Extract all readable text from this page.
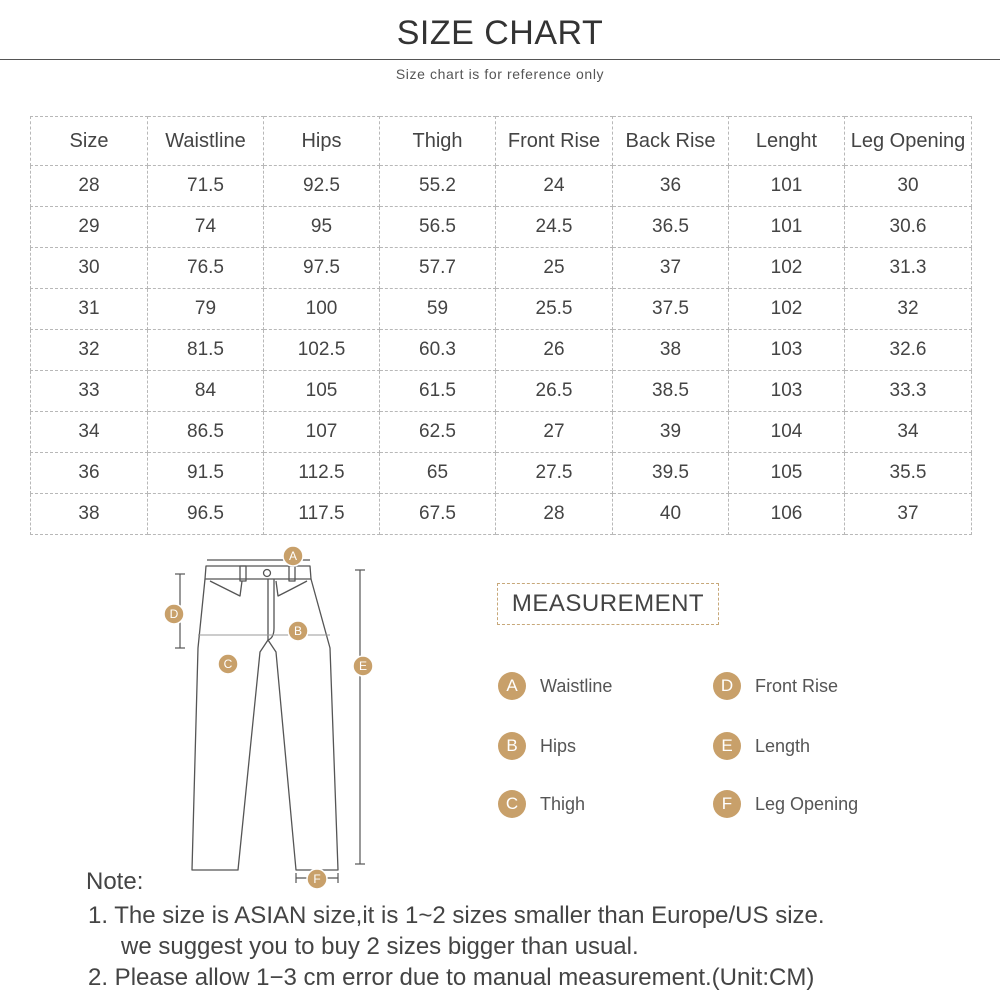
SIZE CHART
Size chart is for reference only
Size	Waistline	Hips	Thigh	Front Rise	Back Rise	Lenght	Leg Opening
28	71.5	92.5	55.2	24	36	101	30
29	74	95	56.5	24.5	36.5	101	30.6
30	76.5	97.5	57.7	25	37	102	31.3
31	79	100	59	25.5	37.5	102	32
32	81.5	102.5	60.3	26	38	103	32.6
33	84	105	61.5	26.5	38.5	103	33.3
34	86.5	107	62.5	27	39	104	34
36	91.5	112.5	65	27.5	39.5	105	35.5
38	96.5	117.5	67.5	28	40	106	37
A
B
C
D
E
F
MEASUREMENT
A	Waistline
B	Hips
C	Thigh
D	Front Rise
E	Length
F	Leg Opening
Note:
1. The size is ASIAN size,it is 1~2 sizes smaller than Europe/US size.
we suggest you to buy 2 sizes bigger than usual.
2. Please allow 1−3 cm error due to manual measurement.(Unit:CM)
